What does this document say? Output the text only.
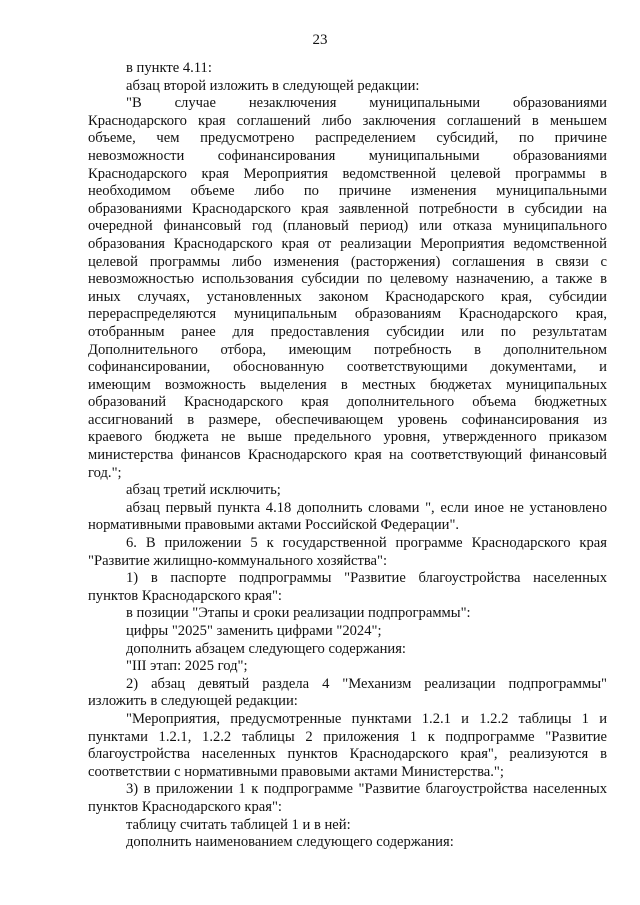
23

в пункте 4.11:

абзац второй изложить в следующей редакции:

"В случае незаключения муниципальными образованиями

Краснодарского края соглашений либо заключения соглашений в меньшем

объеме, чем предусмотрено распределением субсидий, по причине

невозможности софинансирования муниципальными образованиями

Краснодарского края Мероприятия ведомственной целевой программы в

необходимом объеме либо по причине изменения муниципальными

образованиями Краснодарского края заявленной потребности в субсидии на

очередной финансовый год (плановый период) или отказа муниципального

образования Краснодарского края от реализации Мероприятия ведомственной

целевой программы либо изменения (расторжения) соглашения в связи с

невозможностью использования субсидии по целевому назначению, а также в

иных случаях, установленных законом Краснодарского края, субсидии

перераспределяются муниципальным образованиям Краснодарского края,

отобранным ранее для предоставления субсидии или по результатам

Дополнительного отбора, имеющим потребность в дополнительном

софинансировании, обоснованную соответствующими документами, и

имеющим возможность выделения в местных бюджетах муниципальных

образований Краснодарского края дополнительного объема бюджетных

ассигнований в размере, обеспечивающем уровень софинансирования из

краевого бюджета не выше предельного уровня, утвержденного приказом

министерства финансов Краснодарского края на соответствующий финансовый

год.";

абзац третий исключить;

абзац первый пункта 4.18 дополнить словами ", если иное не установлено

нормативными правовыми актами Российской Федерации".

6. В приложении 5 к государственной программе Краснодарского края

"Развитие жилищно-коммунального хозяйства":

1) в паспорте подпрограммы "Развитие благоустройства населенных

пунктов Краснодарского края":

в позиции "Этапы и сроки реализации подпрограммы":

цифры "2025" заменить цифрами "2024";

дополнить абзацем следующего содержания:

"III этап: 2025 год";

2) абзац девятый раздела 4 "Механизм реализации подпрограммы"

изложить в следующей редакции:

"Мероприятия, предусмотренные пунктами 1.2.1 и 1.2.2 таблицы 1 и

пунктами 1.2.1, 1.2.2 таблицы 2 приложения 1 к подпрограмме "Развитие

благоустройства населенных пунктов Краснодарского края", реализуются в

соответствии с нормативными правовыми актами Министерства.";

3) в приложении 1 к подпрограмме "Развитие благоустройства населенных

пунктов Краснодарского края":

таблицу считать таблицей 1 и в ней:

дополнить наименованием следующего содержания:
